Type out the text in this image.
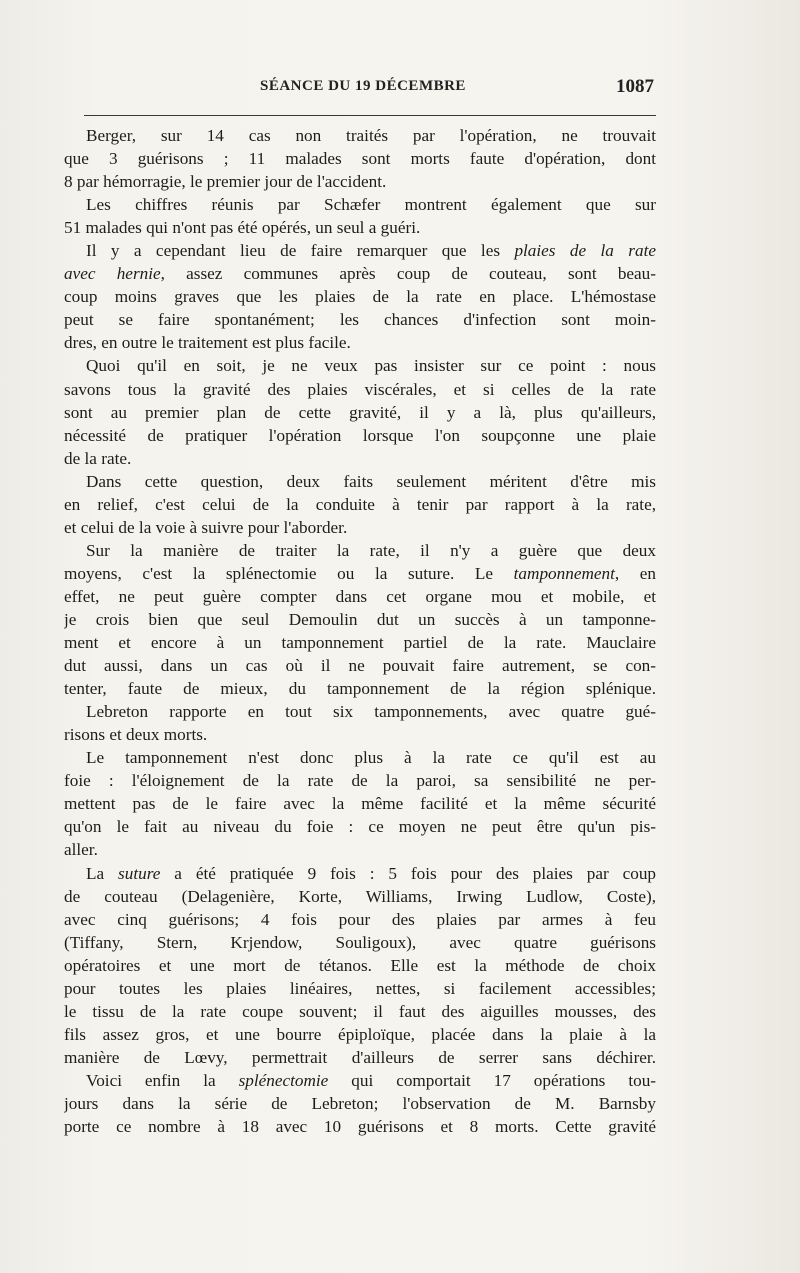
SÉANCE DU 19 DÉCEMBRE	1087
Berger, sur 14 cas non traités par l'opération, ne trouvait
que 3 guérisons ; 11 malades sont morts faute d'opération, dont
8 par hémorragie, le premier jour de l'accident.
Les chiffres réunis par Schæfer montrent également que sur
51 malades qui n'ont pas été opérés, un seul a guéri.
Il y a cependant lieu de faire remarquer que les plaies de la rate
avec hernie, assez communes après coup de couteau, sont beau-
coup moins graves que les plaies de la rate en place. L'hémostase
peut se faire spontanément; les chances d'infection sont moin-
dres, en outre le traitement est plus facile.
Quoi qu'il en soit, je ne veux pas insister sur ce point : nous
savons tous la gravité des plaies viscérales, et si celles de la rate
sont au premier plan de cette gravité, il y a là, plus qu'ailleurs,
nécessité de pratiquer l'opération lorsque l'on soupçonne une plaie
de la rate.
Dans cette question, deux faits seulement méritent d'être mis
en relief, c'est celui de la conduite à tenir par rapport à la rate,
et celui de la voie à suivre pour l'aborder.
Sur la manière de traiter la rate, il n'y a guère que deux
moyens, c'est la splénectomie ou la suture. Le tamponnement, en
effet, ne peut guère compter dans cet organe mou et mobile, et
je crois bien que seul Demoulin dut un succès à un tamponne-
ment et encore à un tamponnement partiel de la rate. Mauclaire
dut aussi, dans un cas où il ne pouvait faire autrement, se con-
tenter, faute de mieux, du tamponnement de la région splénique.
Lebreton rapporte en tout six tamponnements, avec quatre gué-
risons et deux morts.
Le tamponnement n'est donc plus à la rate ce qu'il est au
foie : l'éloignement de la rate de la paroi, sa sensibilité ne per-
mettent pas de le faire avec la même facilité et la même sécurité
qu'on le fait au niveau du foie : ce moyen ne peut être qu'un pis-
aller.
La suture a été pratiquée 9 fois : 5 fois pour des plaies par coup
de couteau (Delagenière, Korte, Williams, Irwing Ludlow, Coste),
avec cinq guérisons; 4 fois pour des plaies par armes à feu
(Tiffany, Stern, Krjendow, Souligoux), avec quatre guérisons
opératoires et une mort de tétanos. Elle est la méthode de choix
pour toutes les plaies linéaires, nettes, si facilement accessibles;
le tissu de la rate coupe souvent; il faut des aiguilles mousses, des
fils assez gros, et une bourre épiploïque, placée dans la plaie à la
manière de Lœvy, permettrait d'ailleurs de serrer sans déchirer.
Voici enfin la splénectomie qui comportait 17 opérations tou-
jours dans la série de Lebreton; l'observation de M. Barnsby
porte ce nombre à 18 avec 10 guérisons et 8 morts. Cette gravité
